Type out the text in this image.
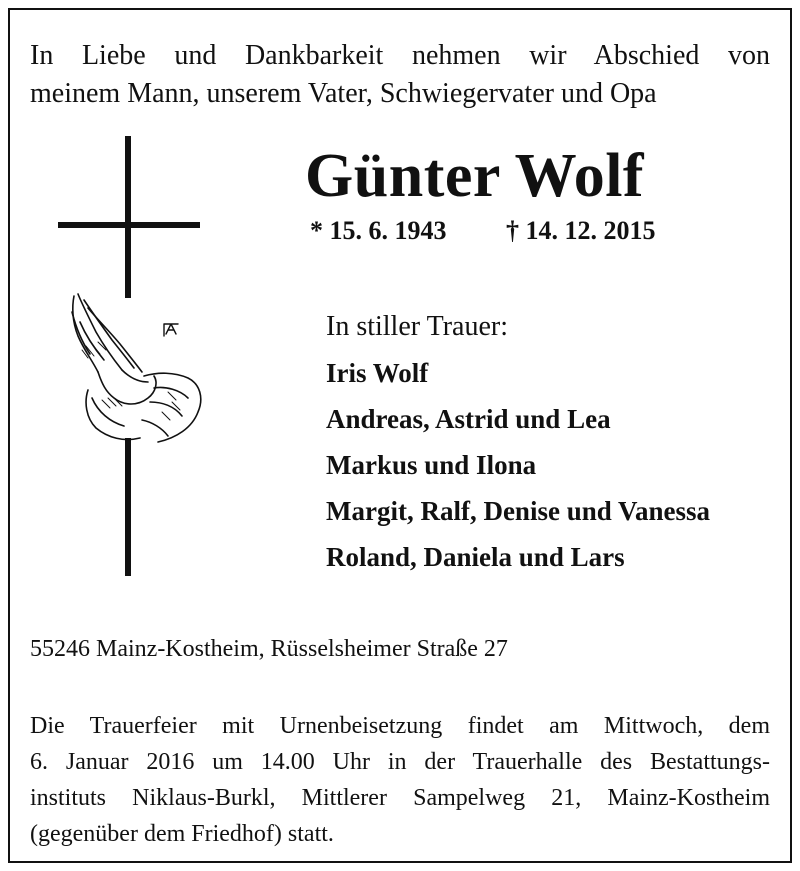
In Liebe und Dankbarkeit nehmen wir Abschied von
meinem Mann, unserem Vater, Schwiegervater und Opa
Günter Wolf
* 15. 6. 1943 † 14. 12. 2015
In stiller Trauer:
Iris Wolf
Andreas, Astrid und Lea
Markus und Ilona
Margit, Ralf, Denise und Vanessa
Roland, Daniela und Lars
55246 Mainz-Kostheim, Rüsselsheimer Straße 27
Die Trauerfeier mit Urnenbeisetzung findet am Mittwoch, dem
6. Januar 2016 um 14.00 Uhr in der Trauerhalle des Bestattungs-
instituts Niklaus-Burkl, Mittlerer Sampelweg 21, Mainz-Kostheim
(gegenüber dem Friedhof) statt.
